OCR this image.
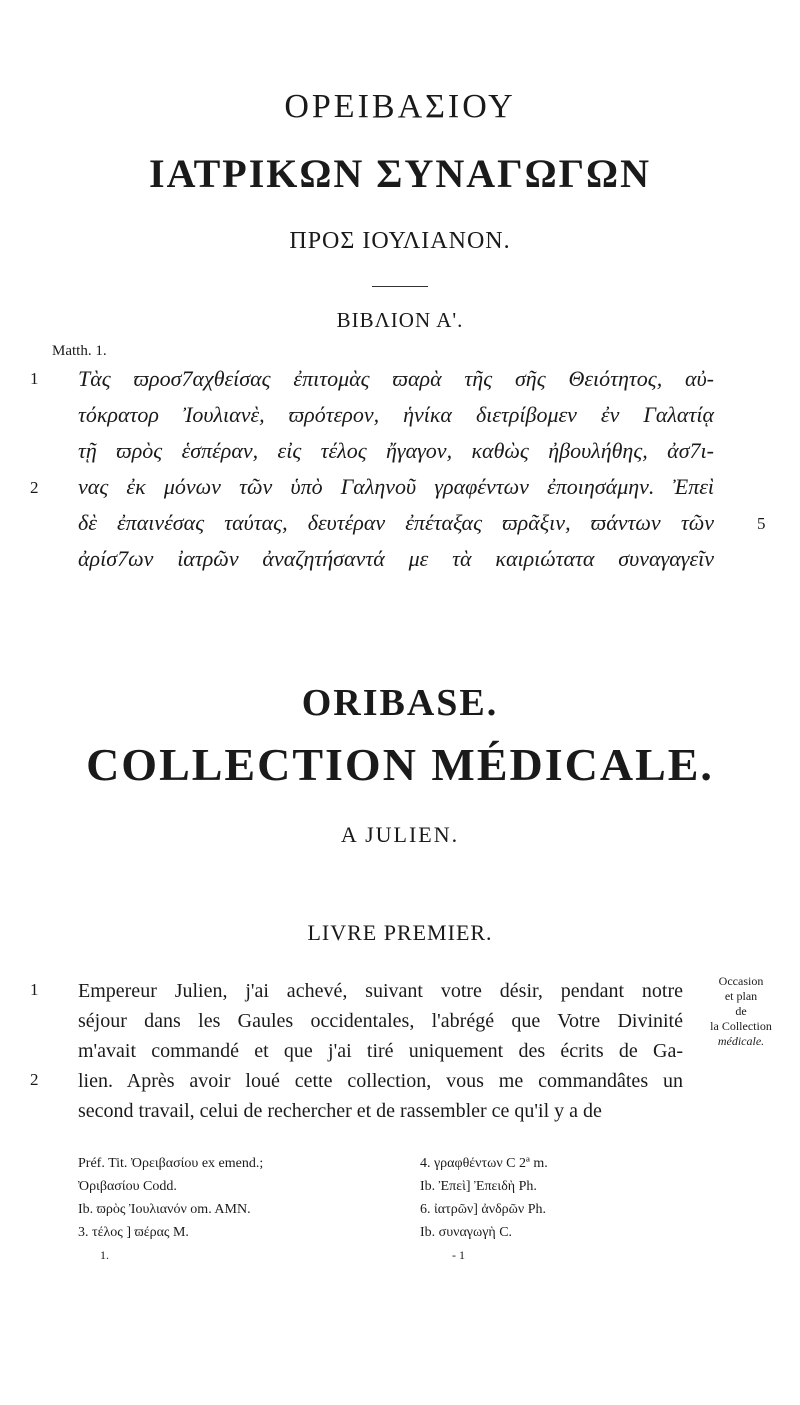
ΟΡΕΙΒΑΣΙΟΥ
ΙΑΤΡΙΚΩΝ ΣΥΝΑΓΩΓΩΝ
ΠΡΟΣ ΙΟΥΛΙΑΝΟΝ.
ΒΙΒΛΙΟΝ Α'.
Matth. 1.
Τὰς ϖροσ7αχθείσας ἐπιτομὰς ϖαρὰ τῆς σῆς Θειότητος, αὐ-
τόκρατορ Ἰουλιανὲ, ϖρότερον, ἡνίκα διετρίβομεν ἐν Γαλατίᾳ
τῇ ϖρὸς ἑσπέραν, εἰς τέλος ἤγαγον, καθὼς ἠβουλήθης, ἀσ7ι-
νας ἐκ μόνων τῶν ὑπὸ Γαληνοῦ γραφέντων ἐποιησάμην. Ἐπεὶ
δὲ ἐπαινέσας ταύτας, δευτέραν ἐπέταξας ϖρᾶξιν, ϖάντων τῶν
ἀρίσ7ων ἰατρῶν ἀναζητήσαντά με τὰ καιριώτατα συναγαγεῖν
1
2
5
ORIBASE.
COLLECTION MÉDICALE.
A JULIEN.
LIVRE PREMIER.
Empereur Julien, j'ai achevé, suivant votre désir, pendant notre
séjour dans les Gaules occidentales, l'abrégé que Votre Divinité
m'avait commandé et que j'ai tiré uniquement des écrits de Ga-
lien. Après avoir loué cette collection, vous me commandâtes un
second travail, celui de rechercher et de rassembler ce qu'il y a de
1
2
Occasion
et plan
de
la Collection
médicale.
Préf. Tit. Ὀρειβασίου ex emend.;
Ὀριβασίου Codd.
Ib. ϖρὸς Ἰουλιανόν om. AMN.
3. τέλος ] ϖέρας M.
4. γραφθέντων C 2ª m.
Ib. Ἐπεὶ] Ἐπειδὴ Ph.
6. ἰατρῶν] ἀνδρῶν Ph.
Ib. συναγωγὴ C.
1.	- 1
